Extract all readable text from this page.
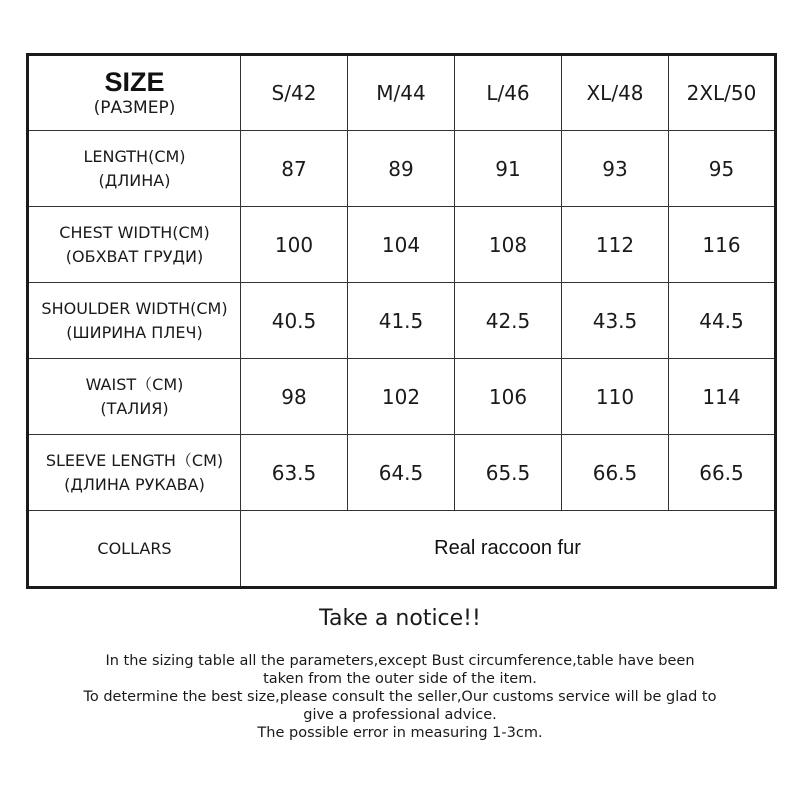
SIZE
(РАЗМЕР)	S/42	M/44	L/46	XL/48	2XL/50

LENGTH(CM)
(ДЛИНА)	87	89	91	93	95

CHEST WIDTH(CM)
(ОБХВАТ ГРУДИ)	100	104	108	112	116

SHOULDER WIDTH(CM)
(ШИРИНА ПЛЕЧ)	40.5	41.5	42.5	43.5	44.5

WAIST（CM)
(ТАЛИЯ)	98	102	106	110	114

SLEEVE LENGTH（CM)
(ДЛИНА РУКАВА)	63.5	64.5	65.5	66.5	66.5

COLLARS	Real raccoon fur				
Take a notice!!
In the sizing table all the parameters,except Bust circumference,table have been
taken from the outer side of the item.
To determine the best size,please consult the seller,Our customs service will be glad to
give a professional advice.
The possible error in measuring 1-3cm.
